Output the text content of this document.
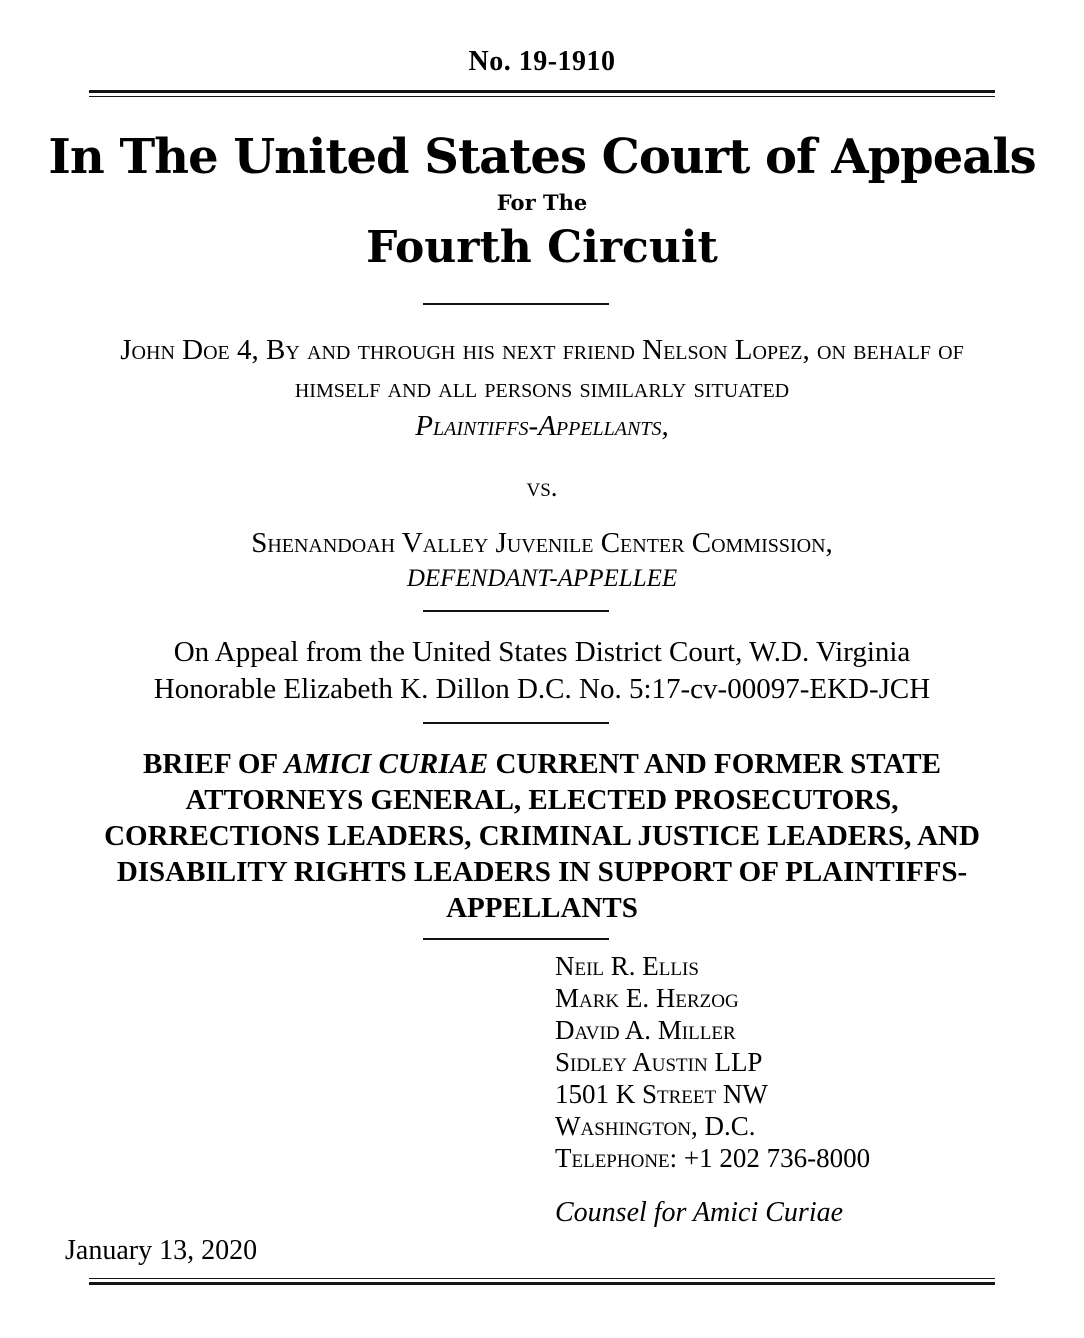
No. 19-1910
In The United States Court of Appeals
For The
Fourth Circuit
John Doe 4, By and through his next friend Nelson Lopez, on behalf of himself and all persons similarly situated
Plaintiffs-Appellants,
vs.
Shenandoah Valley Juvenile Center Commission,
DEFENDANT-APPELLEE
On Appeal from the United States District Court, W.D. Virginia
Honorable Elizabeth K. Dillon D.C. No. 5:17-cv-00097-EKD-JCH
BRIEF OF AMICI CURIAE CURRENT AND FORMER STATE ATTORNEYS GENERAL, ELECTED PROSECUTORS, CORRECTIONS LEADERS, CRIMINAL JUSTICE LEADERS, AND DISABILITY RIGHTS LEADERS IN SUPPORT OF PLAINTIFFS-APPELLANTS
Neil R. Ellis
Mark E. Herzog
David A. Miller
Sidley Austin LLP
1501 K Street NW
Washington, D.C.
Telephone: +1 202 736-8000
Counsel for Amici Curiae
January 13, 2020
